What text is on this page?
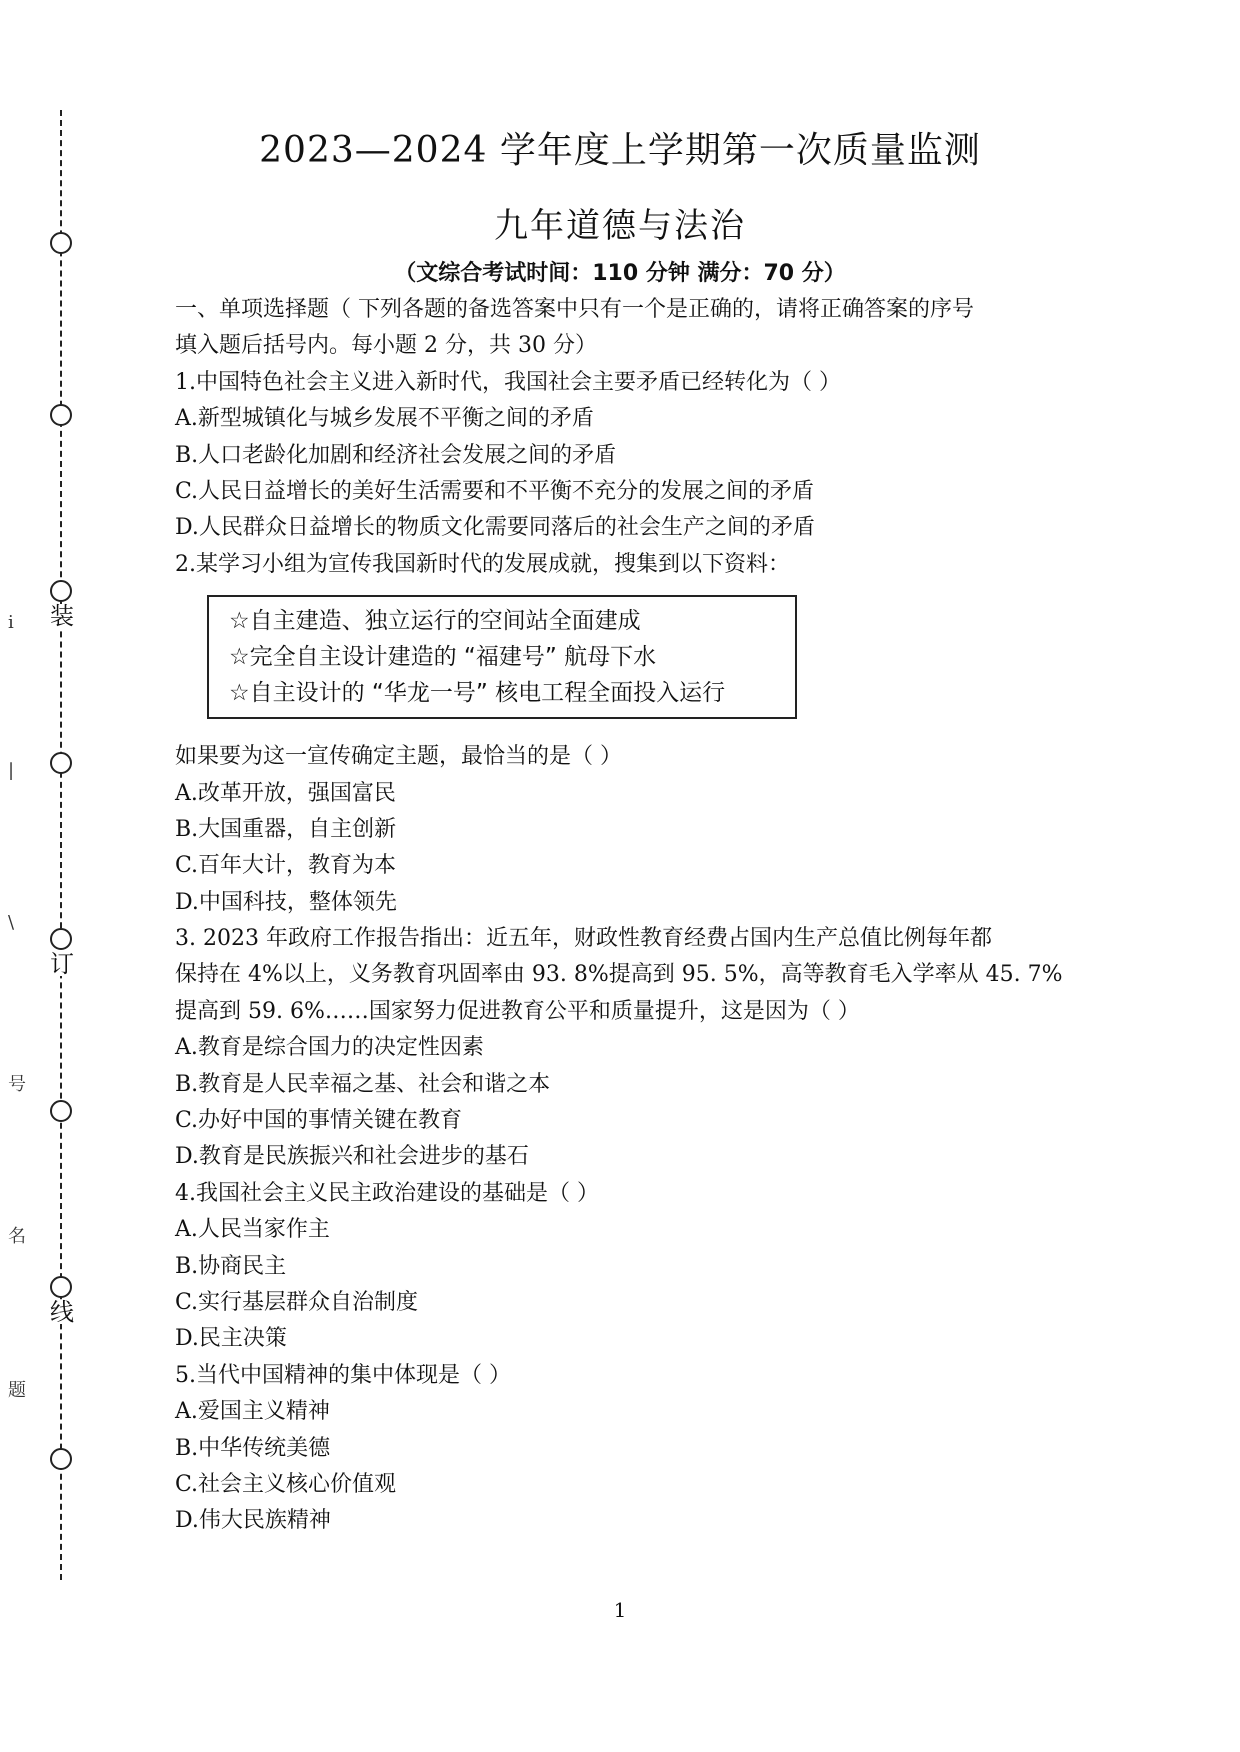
装
订
线
i
|
\
号
名
题
2023—2024 学年度上学期第一次质量监测
九年道德与法治
（文综合考试时间：110 分钟 满分：70 分）
一、单项选择题（ 下列各题的备选答案中只有一个是正确的，请将正确答案的序号
填入题后括号内。每小题 2 分，共 30 分）
1.中国特色社会主义进入新时代，我国社会主要矛盾已经转化为（ ）
A.新型城镇化与城乡发展不平衡之间的矛盾
B.人口老龄化加剧和经济社会发展之间的矛盾
C.人民日益增长的美好生活需要和不平衡不充分的发展之间的矛盾
D.人民群众日益增长的物质文化需要同落后的社会生产之间的矛盾
2.某学习小组为宣传我国新时代的发展成就，搜集到以下资料：
☆自主建造、独立运行的空间站全面建成
☆完全自主设计建造的 “福建号” 航母下水
☆自主设计的 “华龙一号” 核电工程全面投入运行
如果要为这一宣传确定主题，最恰当的是（ ）
A.改革开放，强国富民
B.大国重器，自主创新
C.百年大计，教育为本
D.中国科技，整体领先
3. 2023 年政府工作报告指出：近五年，财政性教育经费占国内生产总值比例每年都
保持在 4%以上，义务教育巩固率由 93. 8%提高到 95. 5%，高等教育毛入学率从 45. 7%
提高到 59. 6%……国家努力促进教育公平和质量提升，这是因为（ ）
A.教育是综合国力的决定性因素
B.教育是人民幸福之基、社会和谐之本
C.办好中国的事情关键在教育
D.教育是民族振兴和社会进步的基石
4.我国社会主义民主政治建设的基础是（ ）
A.人民当家作主
B.协商民主
C.实行基层群众自治制度
D.民主决策
5.当代中国精神的集中体现是（ ）
A.爱国主义精神
B.中华传统美德
C.社会主义核心价值观
D.伟大民族精神
1
